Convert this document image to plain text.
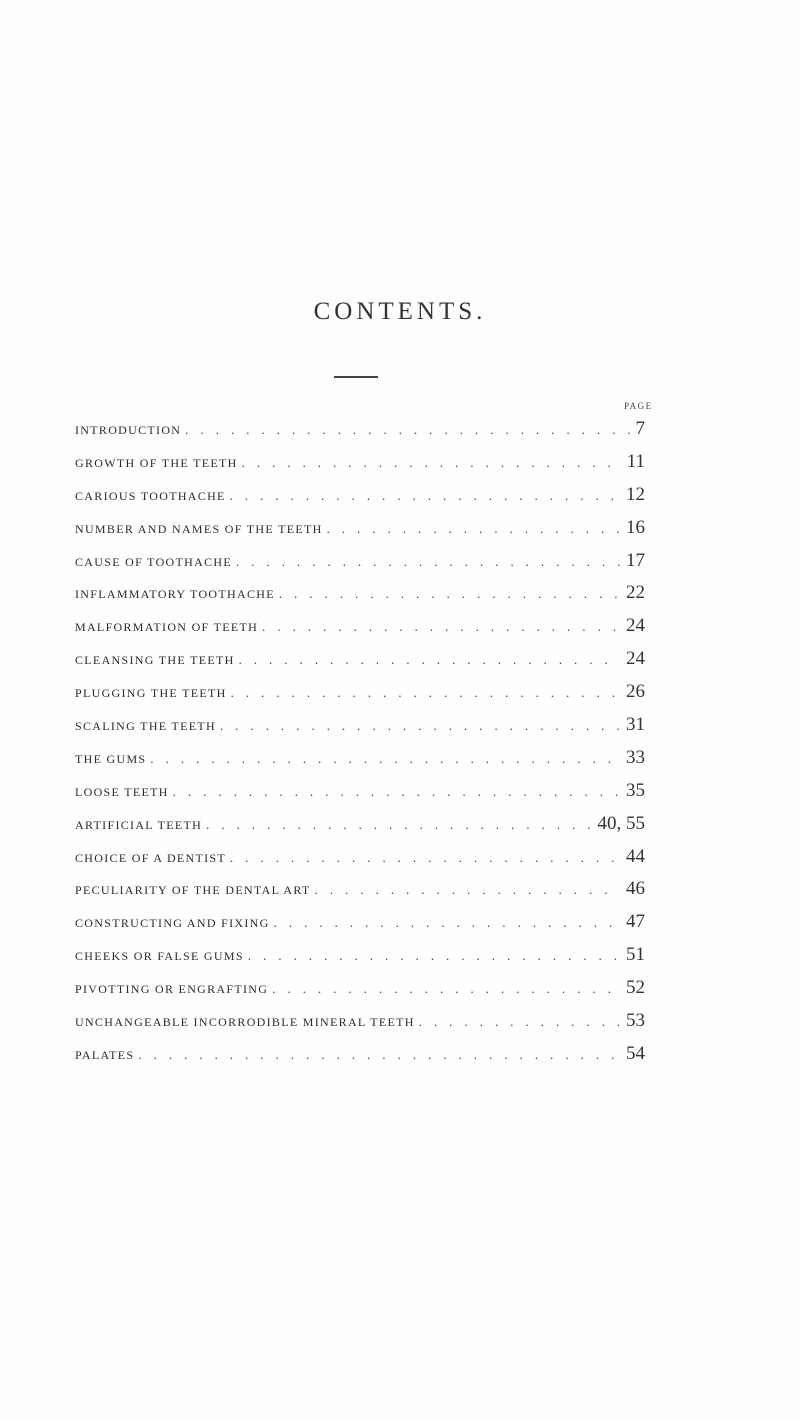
CONTENTS.
PAGE
INTRODUCTION . . .	7
GROWTH OF THE TEETH . . .	11
CARIOUS TOOTHACHE . . .	12
NUMBER AND NAMES OF THE TEETH . . .	16
CAUSE OF TOOTHACHE . . .	17
INFLAMMATORY TOOTHACHE . . .	22
MALFORMATION OF TEETH . . .	24
CLEANSING THE TEETH . . .	24
PLUGGING THE TEETH . . .	26
SCALING THE TEETH . . .	31
THE GUMS . . .	33
LOOSE TEETH . . .	35
ARTIFICIAL TEETH . . .	40, 55
CHOICE OF A DENTIST . . .	44
PECULIARITY OF THE DENTAL ART . . .	46
CONSTRUCTING AND FIXING . . .	47
CHEEKS OR FALSE GUMS . . .	51
PIVOTTING OR ENGRAFTING . . .	52
UNCHANGEABLE INCORRODIBLE MINERAL TEETH . . .	53
PALATES . . .	54
